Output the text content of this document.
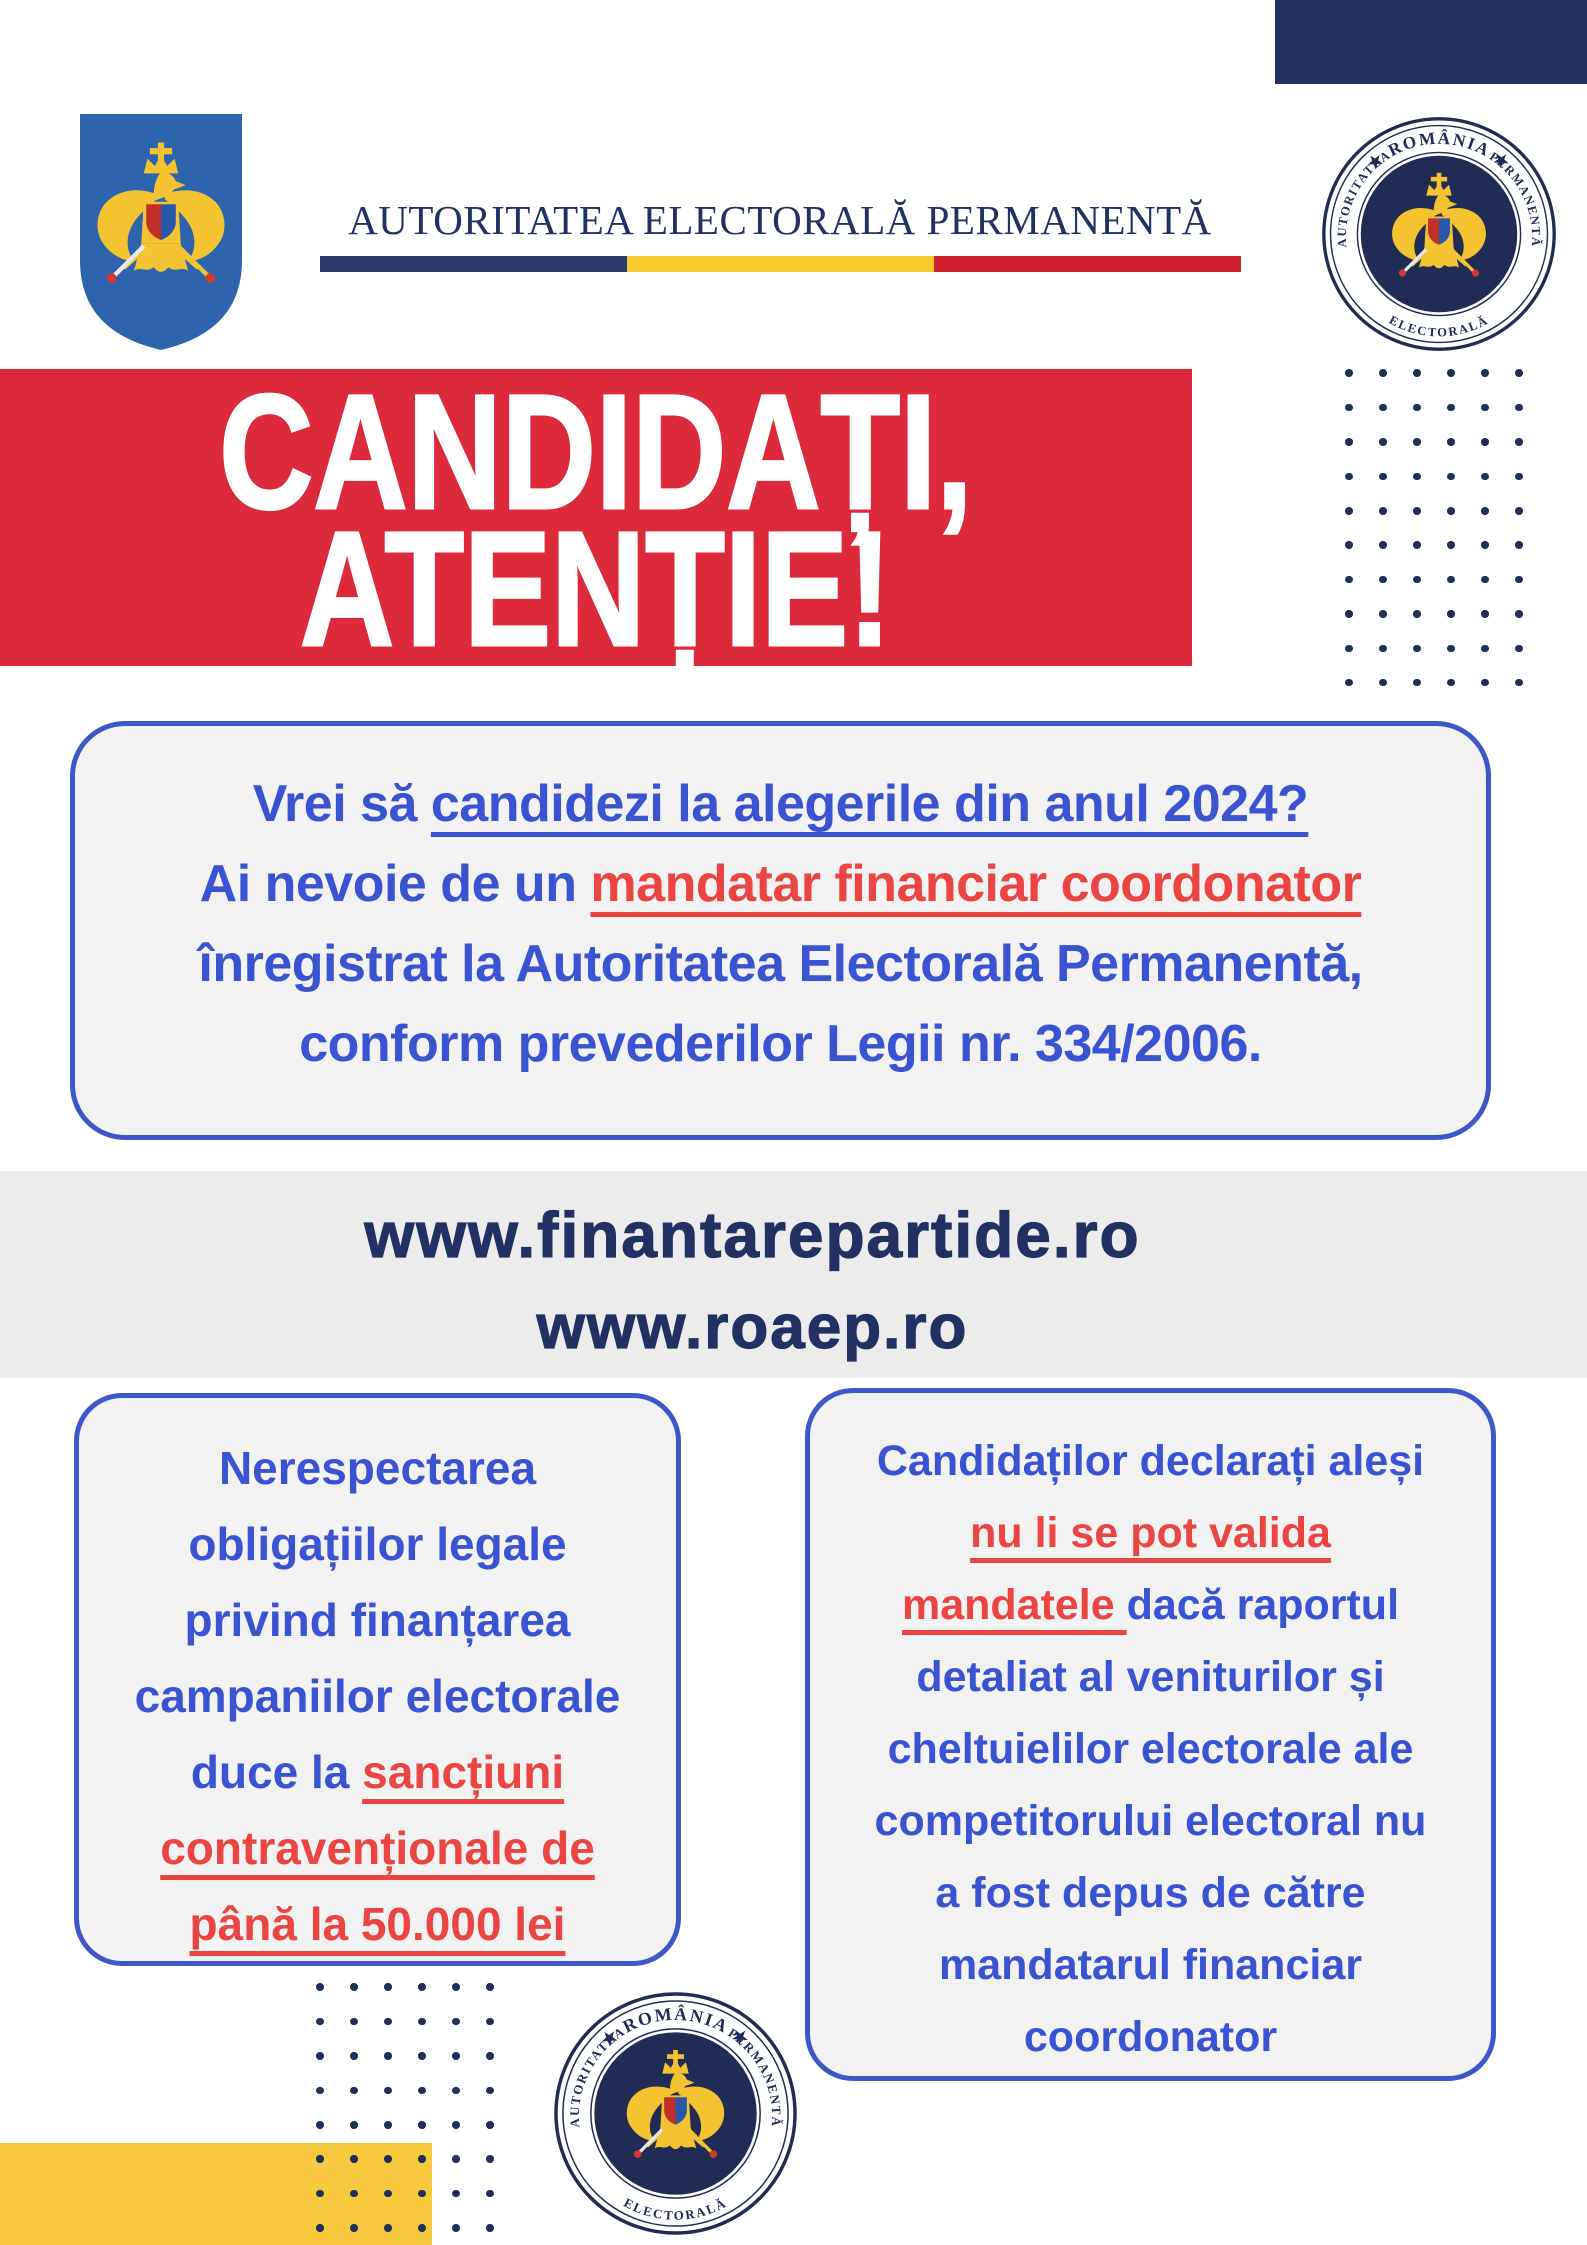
AUTORITATEA ELECTORALĂ PERMANENTĂ
CANDIDAȚI,
ATENȚIE!
Vrei să candidezi la alegerile din anul 2024?
Ai nevoie de un mandatar financiar coordonator
înregistrat la Autoritatea Electorală Permanentă,
conform prevederilor Legii nr. 334/2006.
www.finantarepartide.ro
www.roaep.ro
Nerespectarea
obligațiilor legale
privind finanțarea
campaniilor electorale
duce la sancțiuni
contravenționale de
până la 50.000 lei
Candidaților declarați aleși
nu li se pot valida
mandatele dacă raportul
detaliat al veniturilor și
cheltuielilor electorale ale
competitorului electoral nu
a fost depus de către
mandatarul financiar
coordonator
